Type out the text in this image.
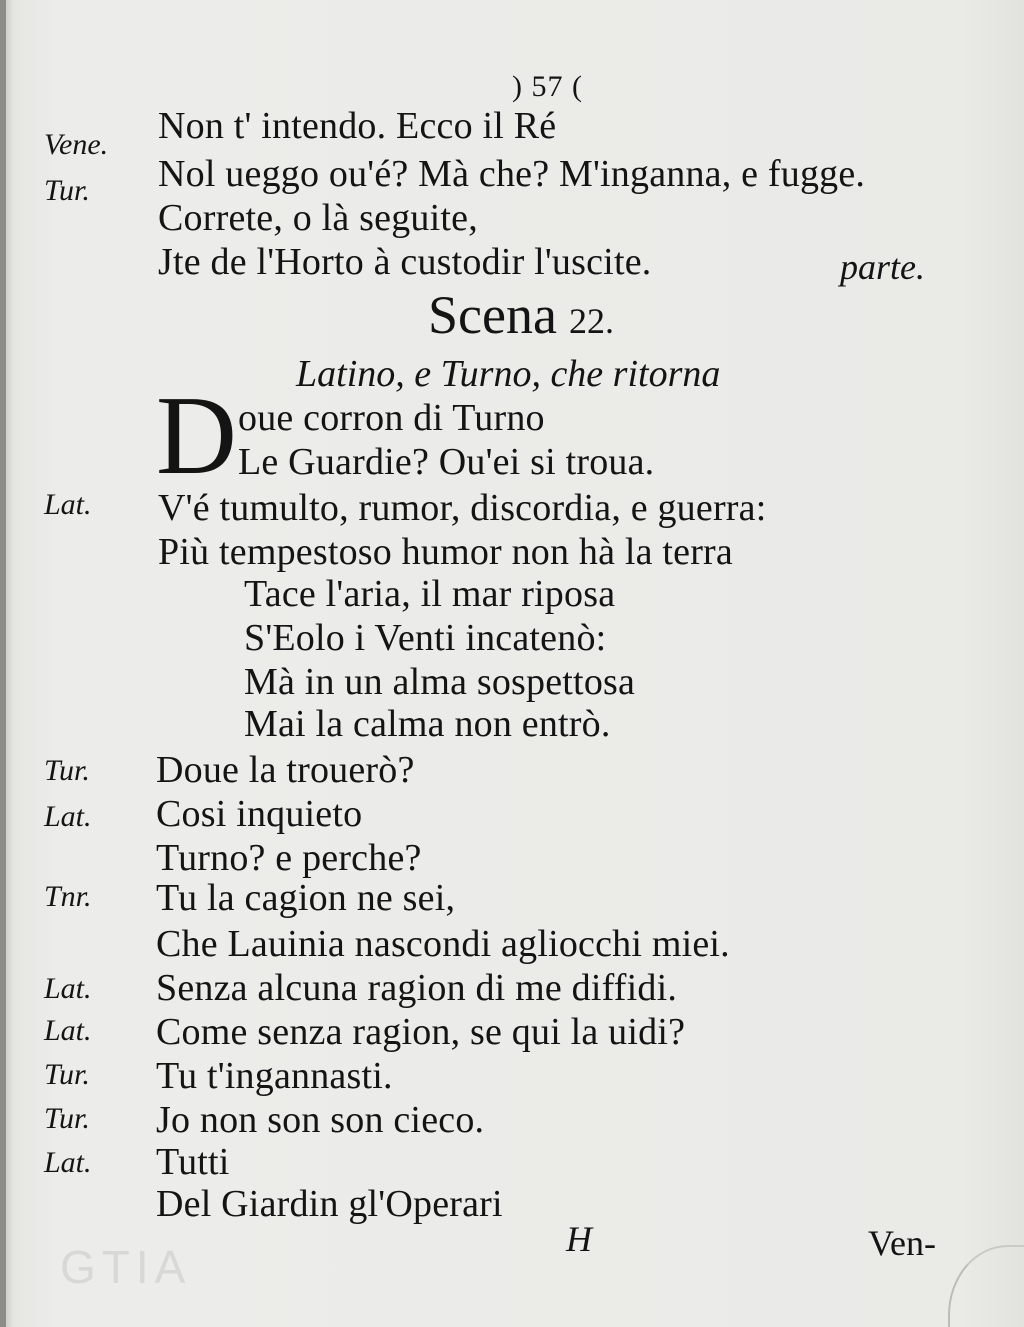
) 57 (
Vene.
Tur.
Lat.
Tur.
Lat.
Tnr.
Lat.
Lat.
Tur.
Tur.
Lat.
Non t' intendo. Ecco il Ré
Nol ueggo ou'é? Mà che? M'inganna, e fugge.
Correte, o là seguite,
Jte de l'Horto à custodir l'uscite.	parte.
Scena 22.
Latino, e Turno, che ritorna
D oue corron di Turno
Le Guardie? Ou'ei si troua.
V'é tumulto, rumor, discordia, e guerra:
Più tempestoso humor non hà la terra
Tace l'aria, il mar riposa
S'Eolo i Venti incatenò:
Mà in un alma sospettosa
Mai la calma non entrò.
Doue la trouerò?
Cosi inquieto
Turno? e perche?
Tu la cagion ne sei,
Che Lauinia nascondi agliocchi miei.
Senza alcuna ragion di me diffidi.
Come senza ragion, se qui la uidi?
Tu t'ingannasti.
Jo non son son cieco.
Tutti
Del Giardin gl'Operari
H	Ven-
GTIA
